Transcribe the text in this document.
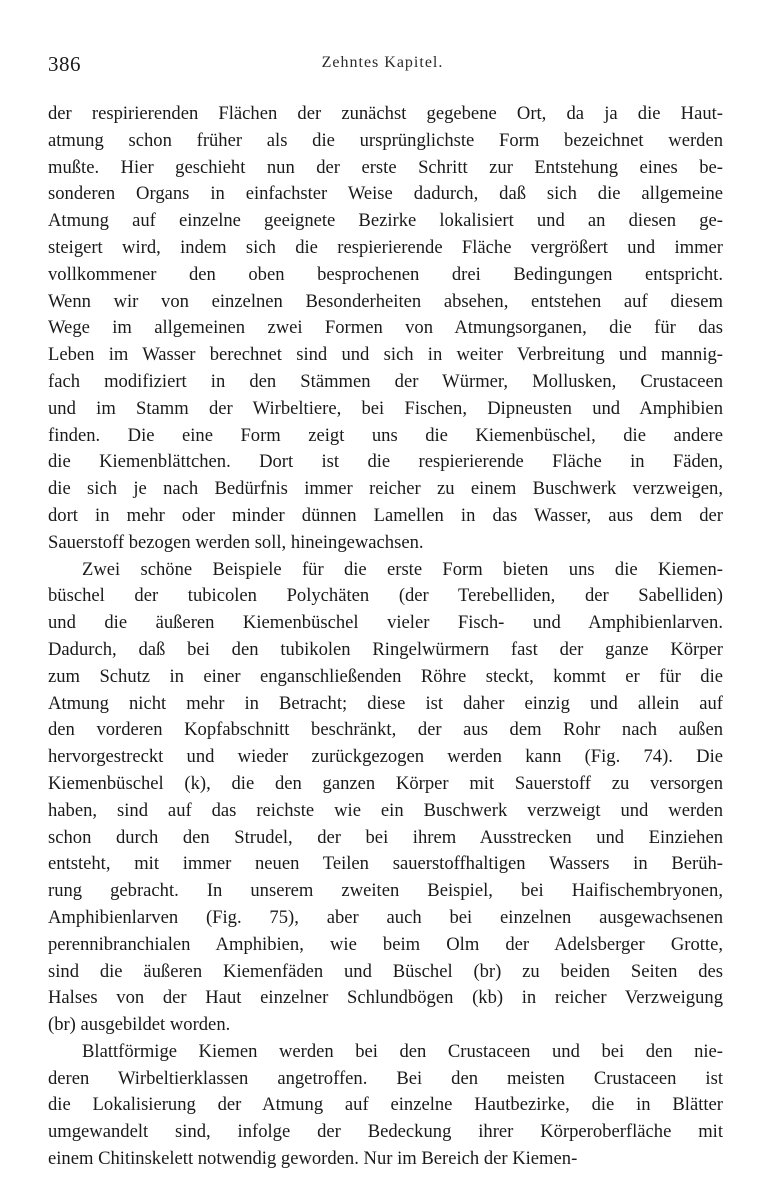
386	Zehntes Kapitel.
der respirierenden Flächen der zunächst gegebene Ort, da ja die Haut-
atmung schon früher als die ursprünglichste Form bezeichnet werden
mußte. Hier geschieht nun der erste Schritt zur Entstehung eines be-
sonderen Organs in einfachster Weise dadurch, daß sich die allgemeine
Atmung auf einzelne geeignete Bezirke lokalisiert und an diesen ge-
steigert wird, indem sich die respierierende Fläche vergrößert und immer
vollkommener den oben besprochenen drei Bedingungen entspricht.
Wenn wir von einzelnen Besonderheiten absehen, entstehen auf diesem
Wege im allgemeinen zwei Formen von Atmungsorganen, die für das
Leben im Wasser berechnet sind und sich in weiter Verbreitung und mannig-
fach modifiziert in den Stämmen der Würmer, Mollusken, Crustaceen
und im Stamm der Wirbeltiere, bei Fischen, Dipneusten und Amphibien
finden. Die eine Form zeigt uns die Kiemenbüschel, die andere
die Kiemenblättchen. Dort ist die respierierende Fläche in Fäden,
die sich je nach Bedürfnis immer reicher zu einem Buschwerk verzweigen,
dort in mehr oder minder dünnen Lamellen in das Wasser, aus dem der
Sauerstoff bezogen werden soll, hineingewachsen.
Zwei schöne Beispiele für die erste Form bieten uns die Kiemen-
büschel der tubicolen Polychäten (der Terebelliden, der Sabelliden)
und die äußeren Kiemenbüschel vieler Fisch- und Amphibienlarven.
Dadurch, daß bei den tubikolen Ringelwürmern fast der ganze Körper
zum Schutz in einer enganschließenden Röhre steckt, kommt er für die
Atmung nicht mehr in Betracht; diese ist daher einzig und allein auf
den vorderen Kopfabschnitt beschränkt, der aus dem Rohr nach außen
hervorgestreckt und wieder zurückgezogen werden kann (Fig. 74). Die
Kiemenbüschel (k), die den ganzen Körper mit Sauerstoff zu versorgen
haben, sind auf das reichste wie ein Buschwerk verzweigt und werden
schon durch den Strudel, der bei ihrem Ausstrecken und Einziehen
entsteht, mit immer neuen Teilen sauerstoffhaltigen Wassers in Berüh-
rung gebracht. In unserem zweiten Beispiel, bei Haifischembryonen,
Amphibienlarven (Fig. 75), aber auch bei einzelnen ausgewachsenen
perennibranchialen Amphibien, wie beim Olm der Adelsberger Grotte,
sind die äußeren Kiemenfäden und Büschel (br) zu beiden Seiten des
Halses von der Haut einzelner Schlundbögen (kb) in reicher Verzweigung
(br) ausgebildet worden.
Blattförmige Kiemen werden bei den Crustaceen und bei den nie-
deren Wirbeltierklassen angetroffen. Bei den meisten Crustaceen ist
die Lokalisierung der Atmung auf einzelne Hautbezirke, die in Blätter
umgewandelt sind, infolge der Bedeckung ihrer Körperoberfläche mit
einem Chitinskelett notwendig geworden. Nur im Bereich der Kiemen-
